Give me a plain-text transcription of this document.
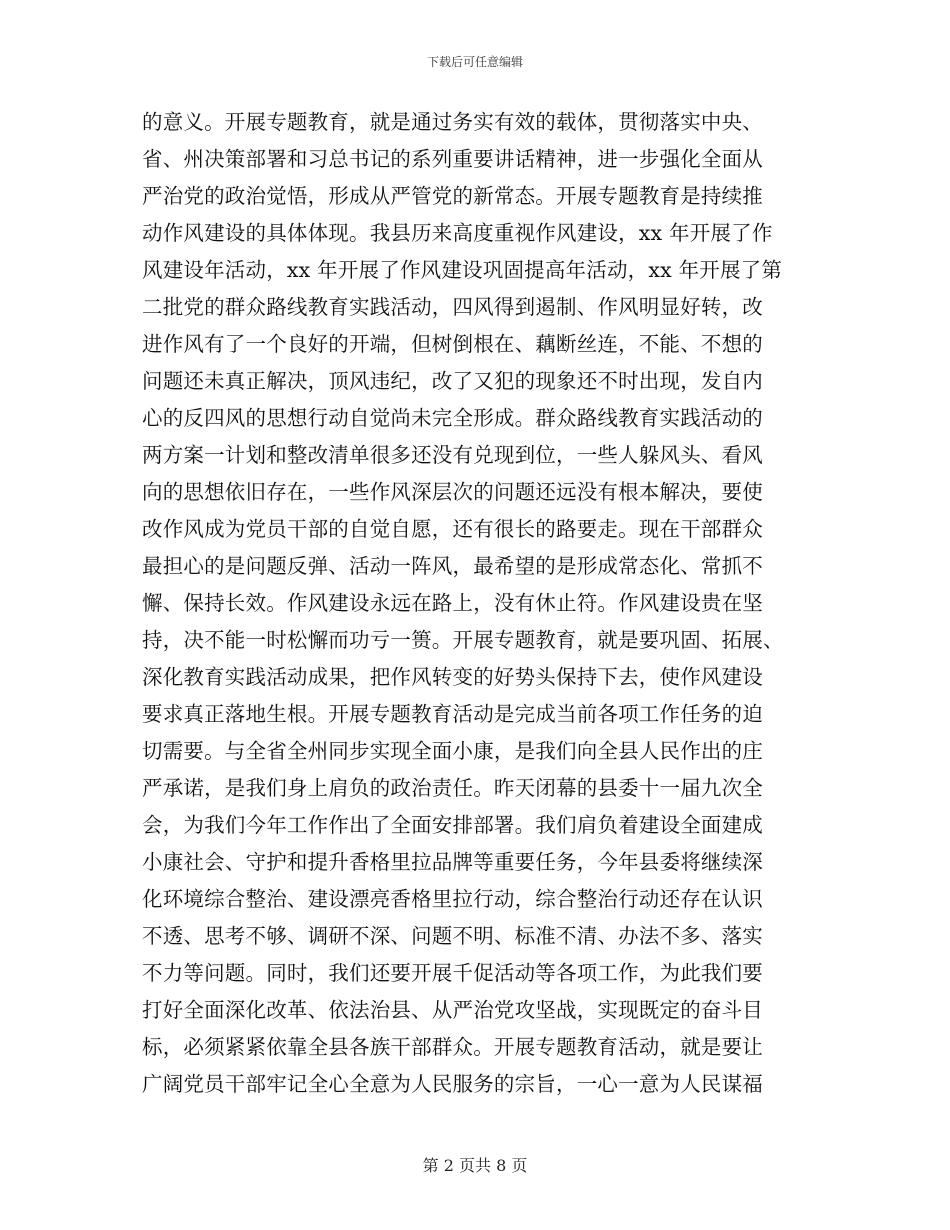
下载后可任意编辑
的意义。开展专题教育，就是通过务实有效的载体，贯彻落实中央、
省、州决策部署和习总书记的系列重要讲话精神，进一步强化全面从
严治党的政治觉悟，形成从严管党的新常态。开展专题教育是持续推
动作风建设的具体体现。我县历来高度重视作风建设，xx 年开展了作
风建设年活动，xx 年开展了作风建设巩固提高年活动，xx 年开展了第
二批党的群众路线教育实践活动，四风得到遏制、作风明显好转，改
进作风有了一个良好的开端，但树倒根在、藕断丝连，不能、不想的
问题还未真正解决，顶风违纪，改了又犯的现象还不时出现，发自内
心的反四风的思想行动自觉尚未完全形成。群众路线教育实践活动的
两方案一计划和整改清单很多还没有兑现到位，一些人躲风头、看风
向的思想依旧存在，一些作风深层次的问题还远没有根本解决，要使
改作风成为党员干部的自觉自愿，还有很长的路要走。现在干部群众
最担心的是问题反弹、活动一阵风，最希望的是形成常态化、常抓不
懈、保持长效。作风建设永远在路上，没有休止符。作风建设贵在坚
持，决不能一时松懈而功亏一篑。开展专题教育，就是要巩固、拓展、
深化教育实践活动成果，把作风转变的好势头保持下去，使作风建设
要求真正落地生根。开展专题教育活动是完成当前各项工作任务的迫
切需要。与全省全州同步实现全面小康，是我们向全县人民作出的庄
严承诺，是我们身上肩负的政治责任。昨天闭幕的县委十一届九次全
会，为我们今年工作作出了全面安排部署。我们肩负着建设全面建成
小康社会、守护和提升香格里拉品牌等重要任务，今年县委将继续深
化环境综合整治、建设漂亮香格里拉行动，综合整治行动还存在认识
不透、思考不够、调研不深、问题不明、标准不清、办法不多、落实
不力等问题。同时，我们还要开展千促活动等各项工作，为此我们要
打好全面深化改革、依法治县、从严治党攻坚战，实现既定的奋斗目
标，必须紧紧依靠全县各族干部群众。开展专题教育活动，就是要让
广阔党员干部牢记全心全意为人民服务的宗旨，一心一意为人民谋福
第 2 页共 8 页
